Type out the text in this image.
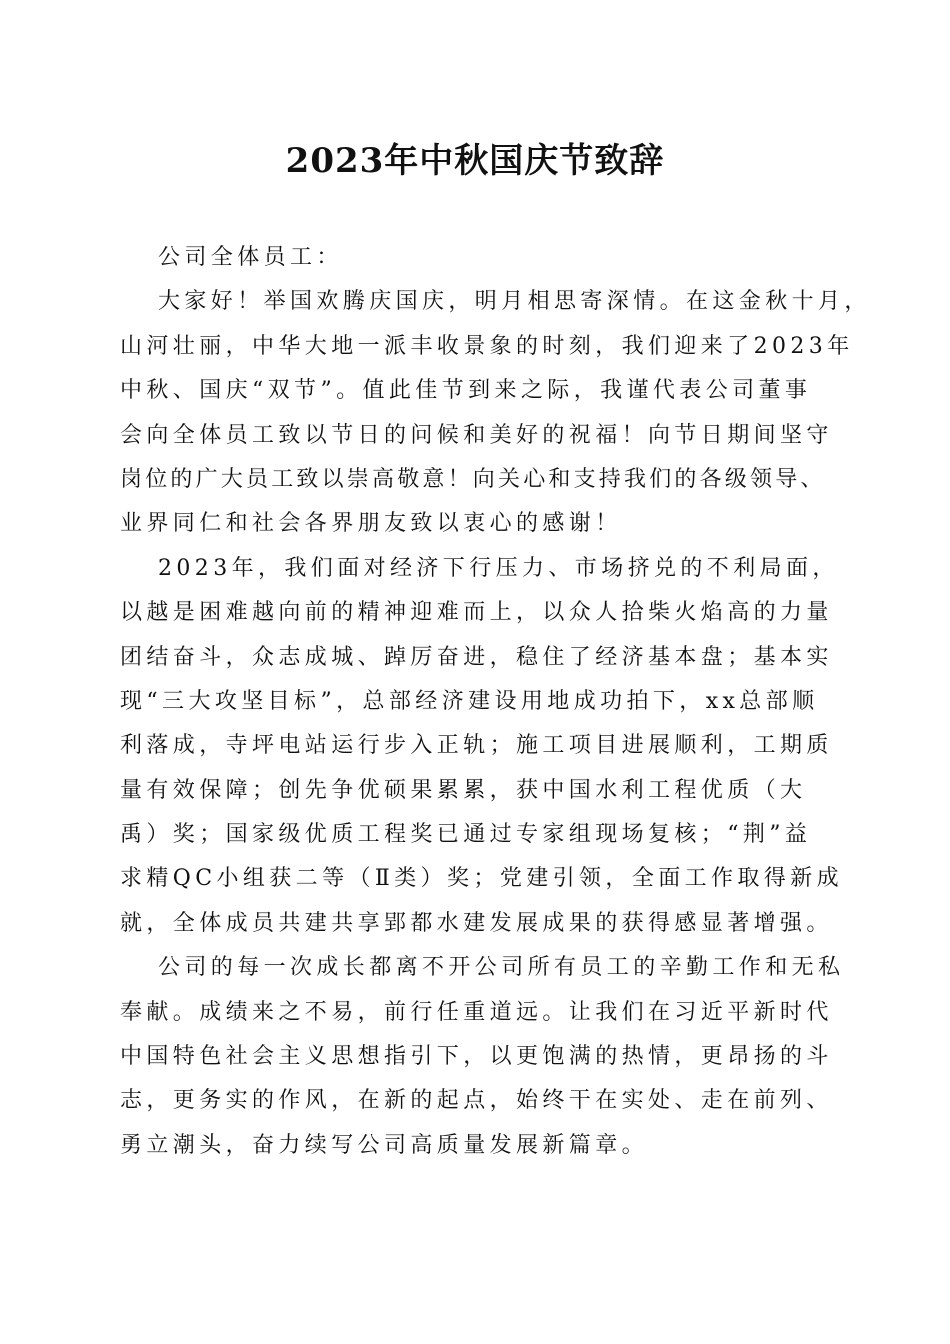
2023年中秋国庆节致辞
公司全体员工：
大家好！举国欢腾庆国庆，明月相思寄深情。在这金秋十月，
山河壮丽，中华大地一派丰收景象的时刻，我们迎来了2023年
中秋、国庆“双节”。值此佳节到来之际，我谨代表公司董事
会向全体员工致以节日的问候和美好的祝福！向节日期间坚守
岗位的广大员工致以崇高敬意！向关心和支持我们的各级领导、
业界同仁和社会各界朋友致以衷心的感谢！
2023年，我们面对经济下行压力、市场挤兑的不利局面，
以越是困难越向前的精神迎难而上，以众人拾柴火焰高的力量
团结奋斗，众志成城、踔厉奋进，稳住了经济基本盘；基本实
现“三大攻坚目标”，总部经济建设用地成功拍下，xx总部顺
利落成，寺坪电站运行步入正轨；施工项目进展顺利，工期质
量有效保障；创先争优硕果累累，获中国水利工程优质（大
禹）奖；国家级优质工程奖已通过专家组现场复核；“荆”益
求精QC小组获二等（Ⅱ类）奖；党建引领，全面工作取得新成
就，全体成员共建共享郢都水建发展成果的获得感显著增强。
公司的每一次成长都离不开公司所有员工的辛勤工作和无私
奉献。成绩来之不易，前行任重道远。让我们在习近平新时代
中国特色社会主义思想指引下，以更饱满的热情，更昂扬的斗
志，更务实的作风，在新的起点，始终干在实处、走在前列、
勇立潮头，奋力续写公司高质量发展新篇章。
